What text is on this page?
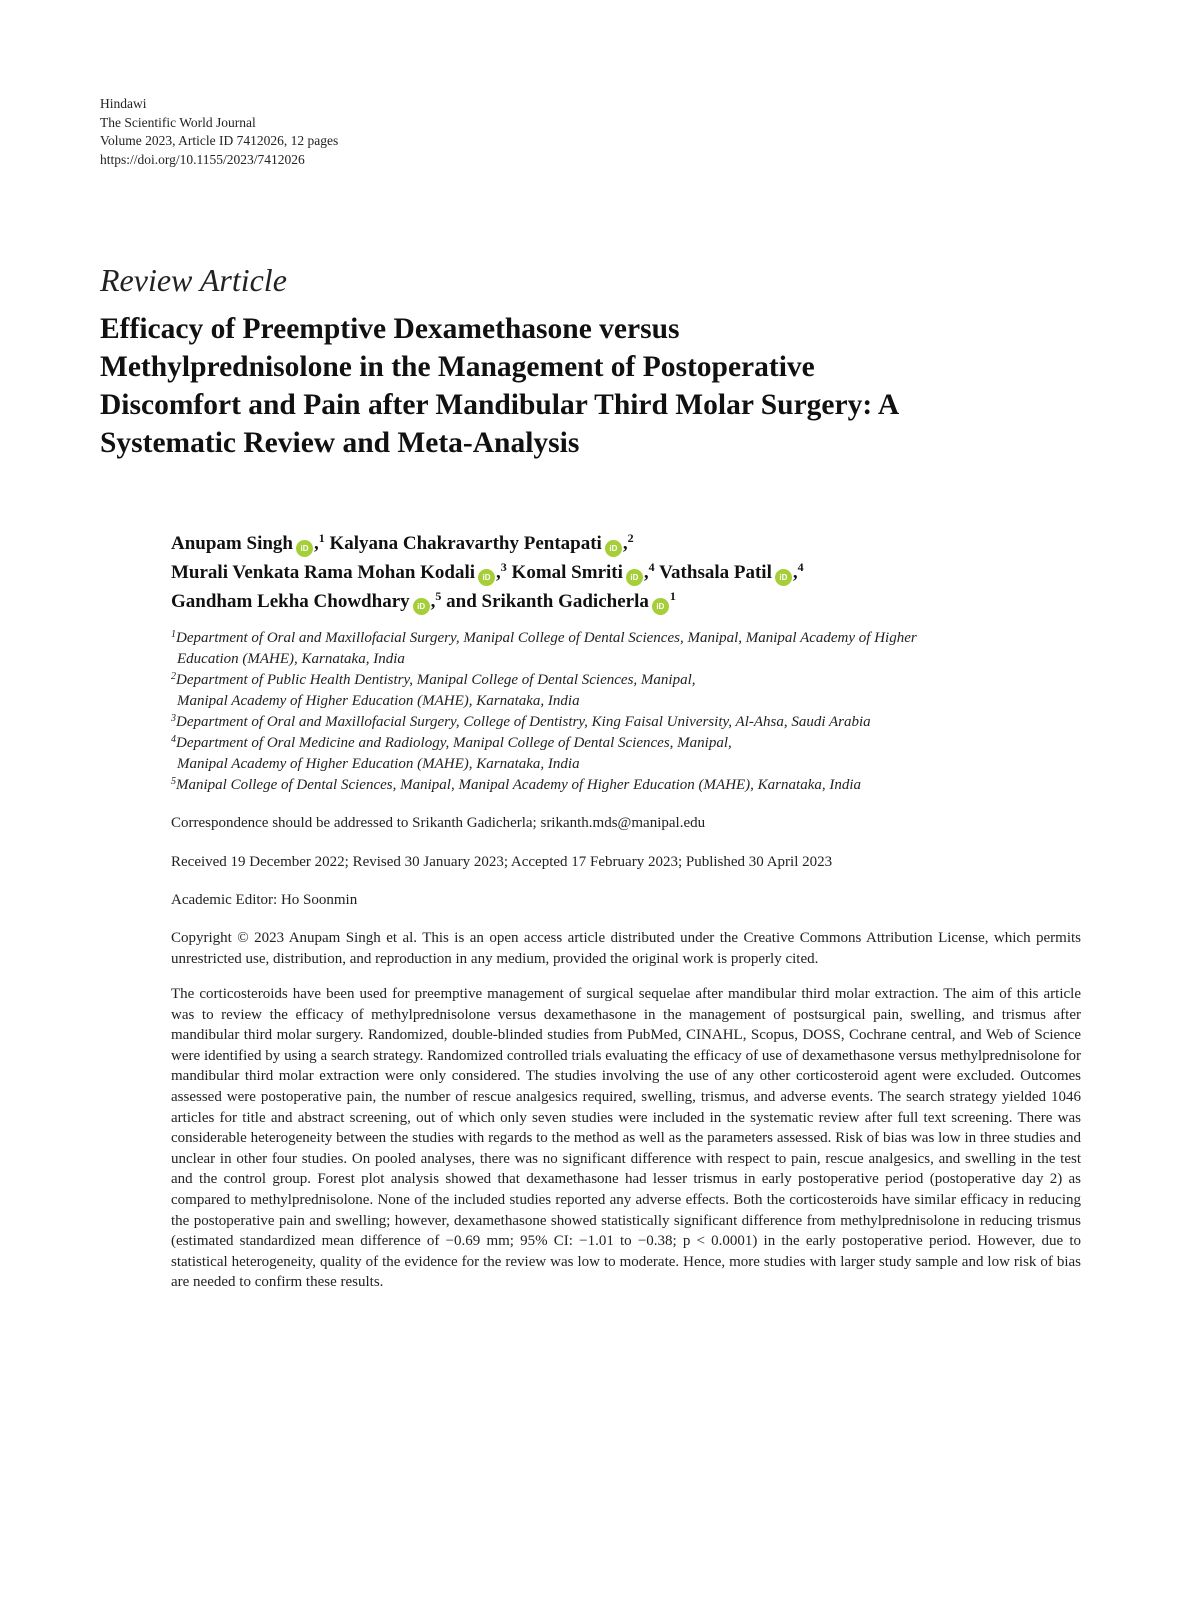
Hindawi
The Scientific World Journal
Volume 2023, Article ID 7412026, 12 pages
https://doi.org/10.1155/2023/7412026
Review Article
Efficacy of Preemptive Dexamethasone versus
Methylprednisolone in the Management of Postoperative
Discomfort and Pain after Mandibular Third Molar Surgery: A
Systematic Review and Meta-Analysis
Anupam Singh iD ,$^1$ Kalyana Chakravarthy Pentapati iD ,$^2$
Murali Venkata Rama Mohan Kodali iD ,$^3$ Komal Smriti iD ,$^4$ Vathsala Patil iD ,$^4$
Gandham Lekha Chowdhary iD ,$^5$ and Srikanth Gadicherla $iD^1$
$^1$Department of Oral and Maxillofacial Surgery, Manipal College of Dental Sciences, Manipal, Manipal Academy of Higher
Education (MAHE), Karnataka, India
$^2$Department of Public Health Dentistry, Manipal College of Dental Sciences, Manipal,
Manipal Academy of Higher Education (MAHE), Karnataka, India
$^3$Department of Oral and Maxillofacial Surgery, College of Dentistry, King Faisal University, Al-Ahsa, Saudi Arabia
$^4$Department of Oral Medicine and Radiology, Manipal College of Dental Sciences, Manipal,
Manipal Academy of Higher Education (MAHE), Karnataka, India
$^5$Manipal College of Dental Sciences, Manipal, Manipal Academy of Higher Education (MAHE), Karnataka, India
Correspondence should be addressed to Srikanth Gadicherla; srikanth.mds@manipal.edu
Received 19 December 2022; Revised 30 January 2023; Accepted 17 February 2023; Published 30 April 2023
Academic Editor: Ho Soonmin
Copyright © 2023 Anupam Singh et al. This is an open access article distributed under the Creative Commons Attribution License, which permits unrestricted use, distribution, and reproduction in any medium, provided the original work is properly cited.
The corticosteroids have been used for preemptive management of surgical sequelae after mandibular third molar extraction. The aim of this article was to review the efficacy of methylprednisolone versus dexamethasone in the management of postsurgical pain, swelling, and trismus after mandibular third molar surgery. Randomized, double-blinded studies from PubMed, CINAHL, Scopus, DOSS, Cochrane central, and Web of Science were identified by using a search strategy. Randomized controlled trials evaluating the efficacy of use of dexamethasone versus methylprednisolone for mandibular third molar extraction were only considered. The studies involving the use of any other corticosteroid agent were excluded. Outcomes assessed were postoperative pain, the number of rescue analgesics required, swelling, trismus, and adverse events. The search strategy yielded 1046 articles for title and abstract screening, out of which only seven studies were included in the systematic review after full text screening. There was considerable heterogeneity between the studies with regards to the method as well as the parameters assessed. Risk of bias was low in three studies and unclear in other four studies. On pooled analyses, there was no significant difference with respect to pain, rescue analgesics, and swelling in the test and the control group. Forest plot analysis showed that dexamethasone had lesser trismus in early postoperative period (postoperative day 2) as compared to methylprednisolone. None of the included studies reported any adverse effects. Both the corticosteroids have similar efficacy in reducing the postoperative pain and swelling; however, dexamethasone showed statistically significant difference from methylprednisolone in reducing trismus (estimated standardized mean difference of −0.69 mm; 95% CI: −1.01 to −0.38; p < 0.0001) in the early postoperative period. However, due to statistical heterogeneity, quality of the evidence for the review was low to moderate. Hence, more studies with larger study sample and low risk of bias are needed to confirm these results.
